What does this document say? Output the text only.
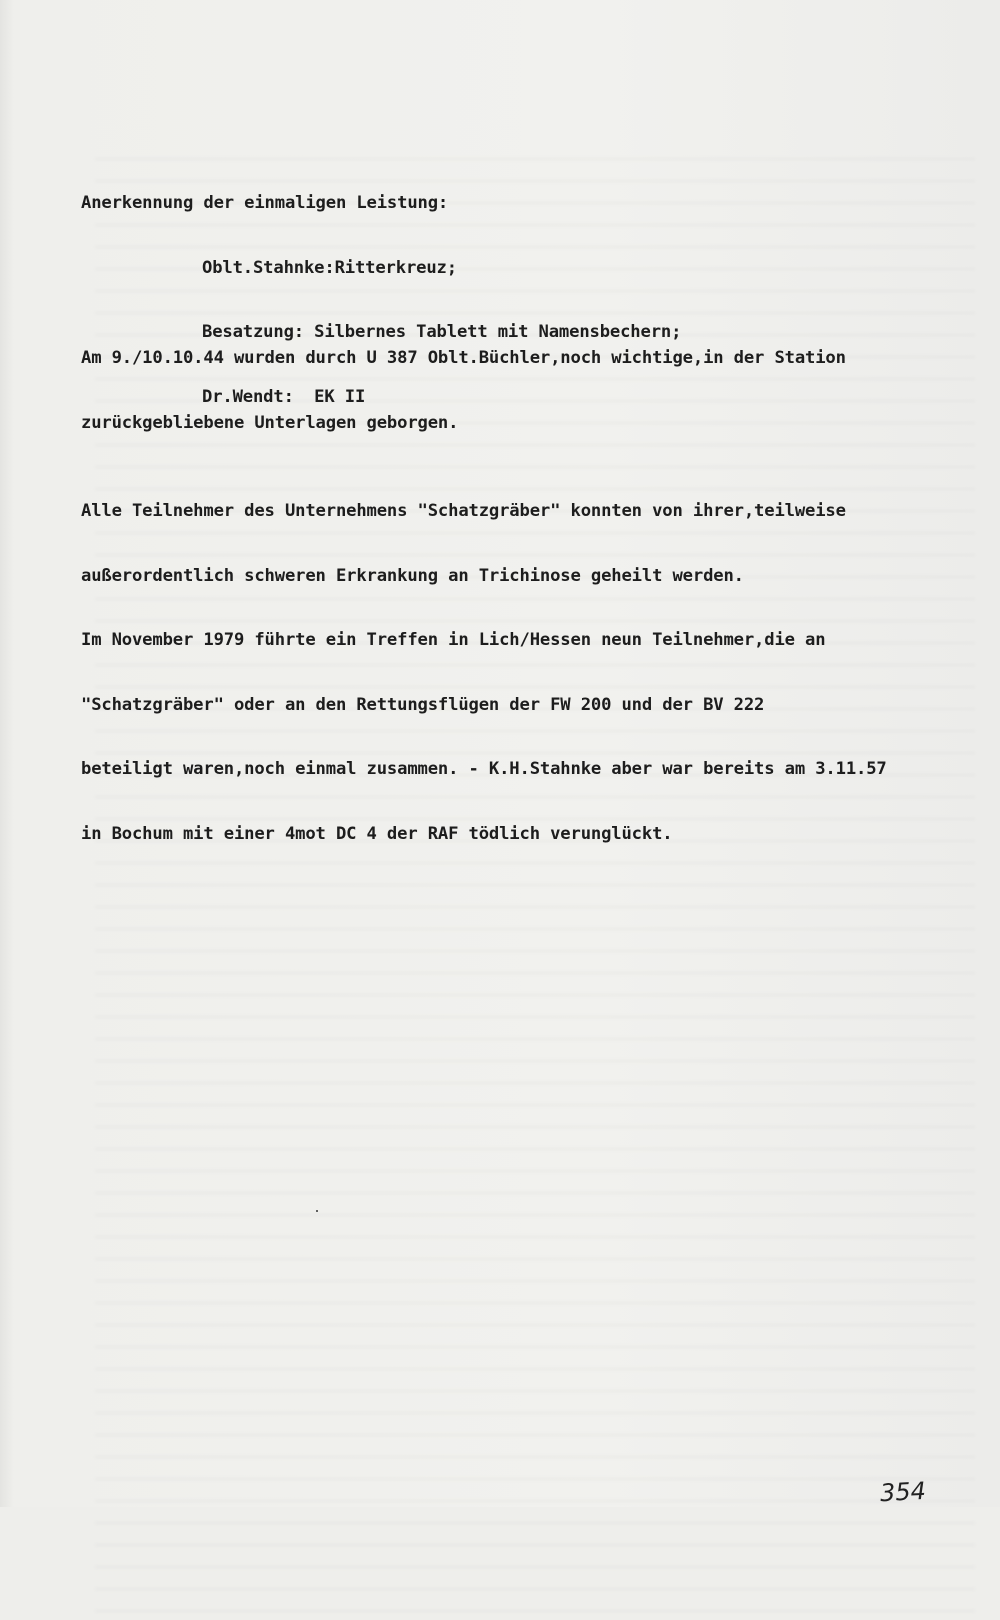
Anerkennung der einmaligen Leistung:

Oblt.Stahnke:Ritterkreuz;

Besatzung: Silbernes Tablett mit Namensbechern;

Dr.Wendt:  EK II

Am 9./10.10.44 wurden durch U 387 Oblt.Büchler,noch wichtige,in der Station

zurückgebliebene Unterlagen geborgen.

Alle Teilnehmer des Unternehmens "Schatzgräber" konnten von ihrer,teilweise

außerordentlich schweren Erkrankung an Trichinose geheilt werden.

Im November 1979 führte ein Treffen in Lich/Hessen neun Teilnehmer,die an

"Schatzgräber" oder an den Rettungsflügen der FW 200 und der BV 222

beteiligt waren,noch einmal zusammen. - K.H.Stahnke aber war bereits am 3.11.57

in Bochum mit einer 4mot DC 4 der RAF tödlich verunglückt.

354
